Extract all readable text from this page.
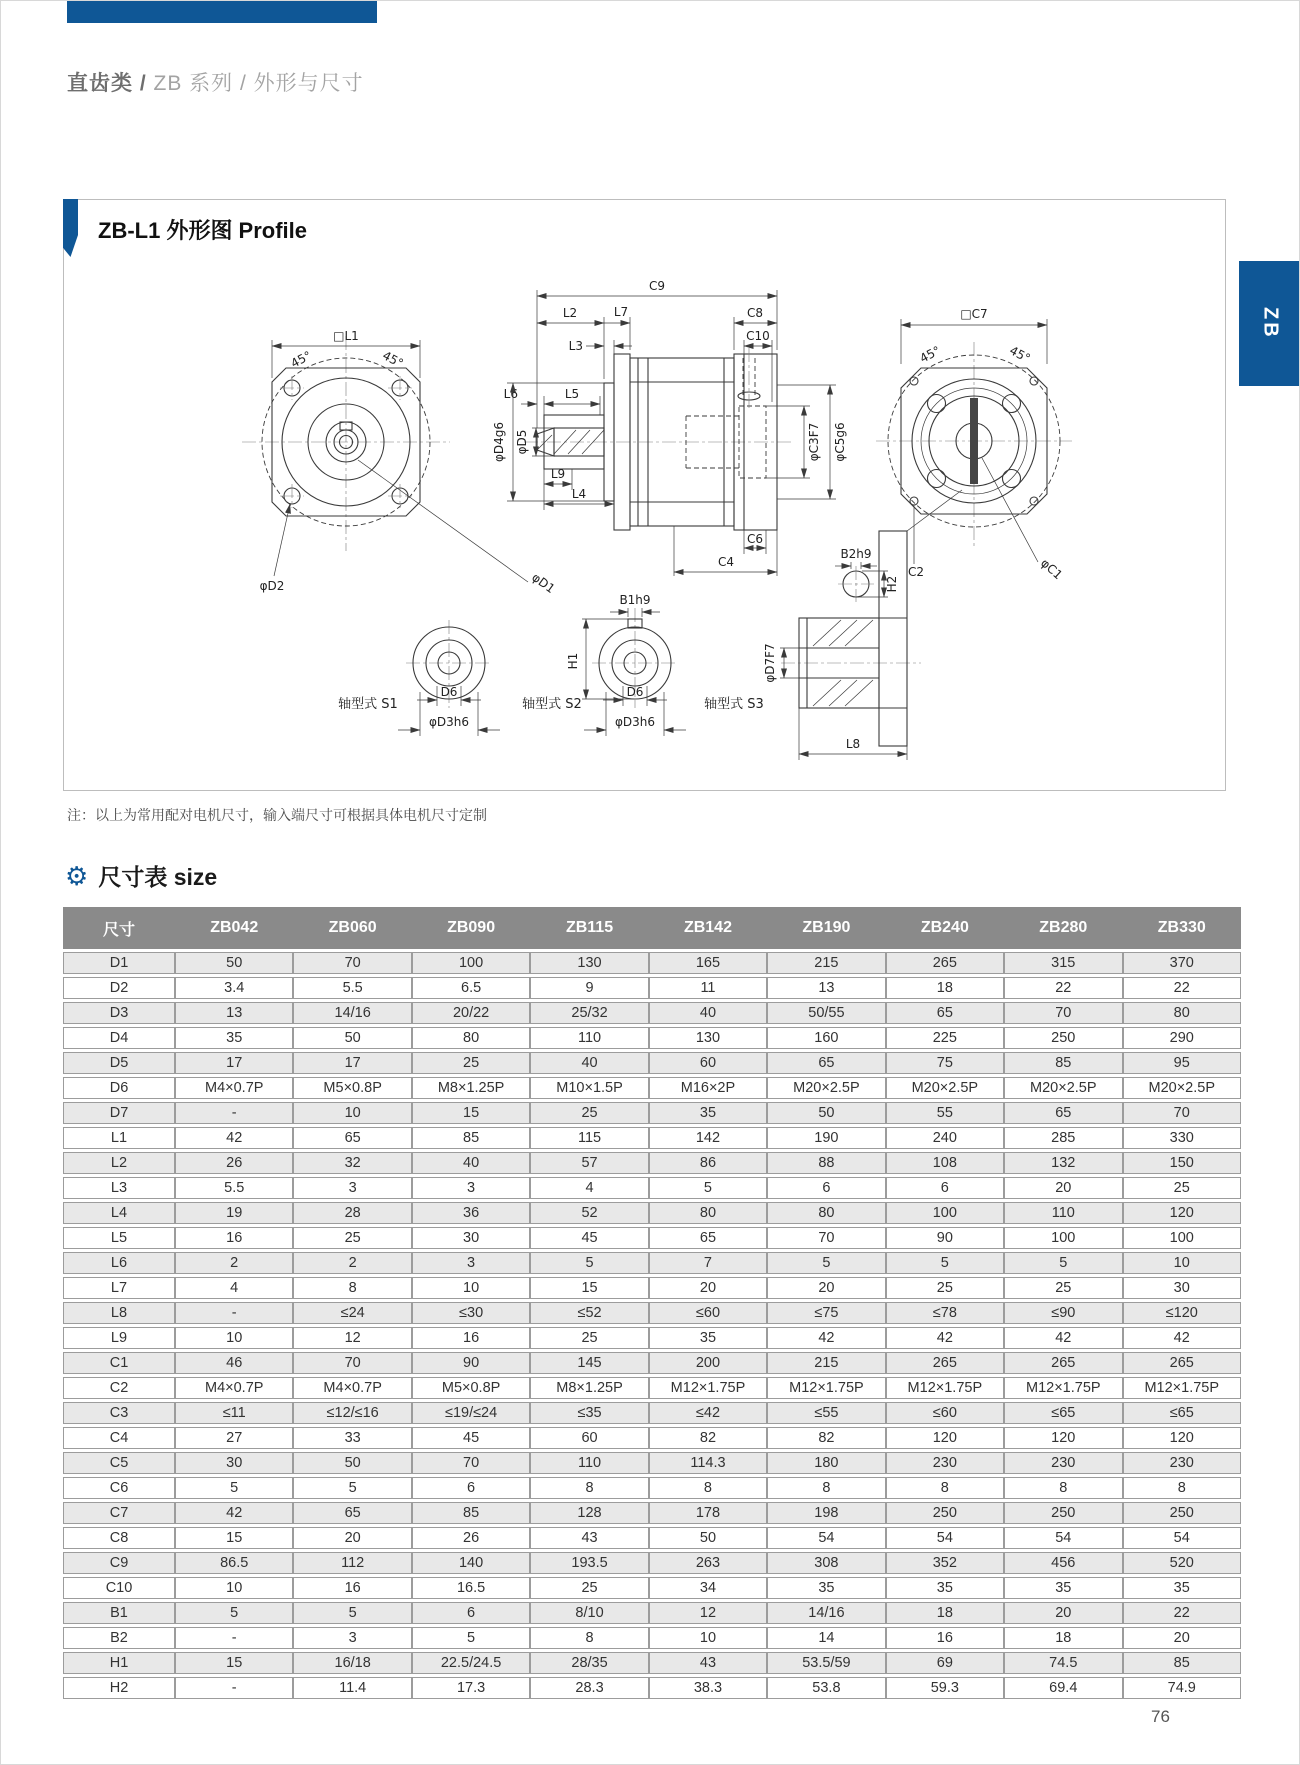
直齿类 / ZB 系列 / 外形与尺寸
ZB
ZB-L1 外形图 Profile
□L1
45°	45°
φD2	φD1
C9
L2	L7	C8
L3
C10
L6	L5
φD4g6 φD5
L9
L4
C6
C4
φC3F7 φC5g6
□C7
45°	45°
C2	φC1
轴型式 S1
D6
φD3h6
轴型式 S2
B1h9
H1
D6
φD3h6
轴型式 S3
φD7F7
L8
B2h9
H2
注：以上为常用配对电机尺寸，输入端尺寸可根据具体电机尺寸定制
⚙ 尺寸表 size
尺寸	ZB042	ZB060	ZB090	ZB115	ZB142	ZB190	ZB240	ZB280	ZB330
D1	50	70	100	130	165	215	265	315	370
D2	3.4	5.5	6.5	9	11	13	18	22	22
D3	13	14/16	20/22	25/32	40	50/55	65	70	80
D4	35	50	80	110	130	160	225	250	290
D5	17	17	25	40	60	65	75	85	95
D6	M4×0.7P	M5×0.8P	M8×1.25P	M10×1.5P	M16×2P	M20×2.5P	M20×2.5P	M20×2.5P	M20×2.5P
D7	-	10	15	25	35	50	55	65	70
L1	42	65	85	115	142	190	240	285	330
L2	26	32	40	57	86	88	108	132	150
L3	5.5	3	3	4	5	6	6	20	25
L4	19	28	36	52	80	80	100	110	120
L5	16	25	30	45	65	70	90	100	100
L6	2	2	3	5	7	5	5	5	10
L7	4	8	10	15	20	20	25	25	30
L8	-	≤24	≤30	≤52	≤60	≤75	≤78	≤90	≤120
L9	10	12	16	25	35	42	42	42	42
C1	46	70	90	145	200	215	265	265	265
C2	M4×0.7P	M4×0.7P	M5×0.8P	M8×1.25P	M12×1.75P	M12×1.75P	M12×1.75P	M12×1.75P	M12×1.75P
C3	≤11	≤12/≤16	≤19/≤24	≤35	≤42	≤55	≤60	≤65	≤65
C4	27	33	45	60	82	82	120	120	120
C5	30	50	70	110	114.3	180	230	230	230
C6	5	5	6	8	8	8	8	8	8
C7	42	65	85	128	178	198	250	250	250
C8	15	20	26	43	50	54	54	54	54
C9	86.5	112	140	193.5	263	308	352	456	520
C10	10	16	16.5	25	34	35	35	35	35
B1	5	5	6	8/10	12	14/16	18	20	22
B2	-	3	5	8	10	14	16	18	20
H1	15	16/18	22.5/24.5	28/35	43	53.5/59	69	74.5	85
H2	-	11.4	17.3	28.3	38.3	53.8	59.3	69.4	74.9
76
